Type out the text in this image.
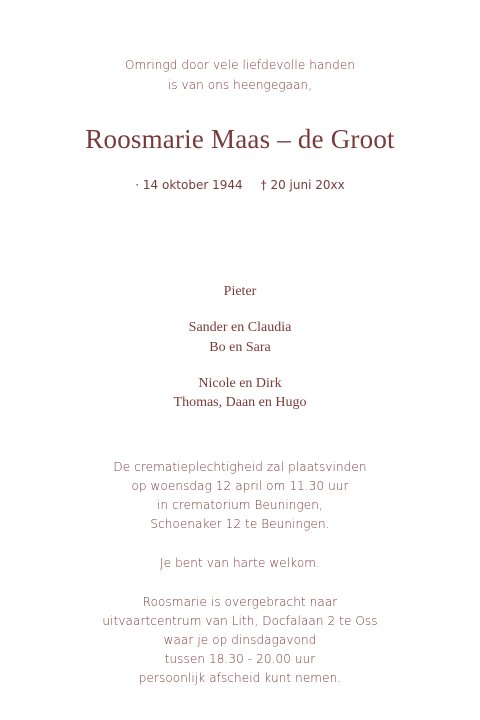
Omringd door vele liefdevolle handen
is van ons heengegaan,
Roosmarie Maas – de Groot
· 14 oktober 1944 † 20 juni 20xx
Pieter
Sander en Claudia
Bo en Sara
Nicole en Dirk
Thomas, Daan en Hugo
De crematieplechtigheid zal plaatsvinden
op woensdag 12 april om 11.30 uur
in crematorium Beuningen,
Schoenaker 12 te Beuningen.
Je bent van harte welkom.
Roosmarie is overgebracht naar
uitvaartcentrum van Lith, Docfalaan 2 te Oss
waar je op dinsdagavond
tussen 18.30 - 20.00 uur
persoonlijk afscheid kunt nemen.
